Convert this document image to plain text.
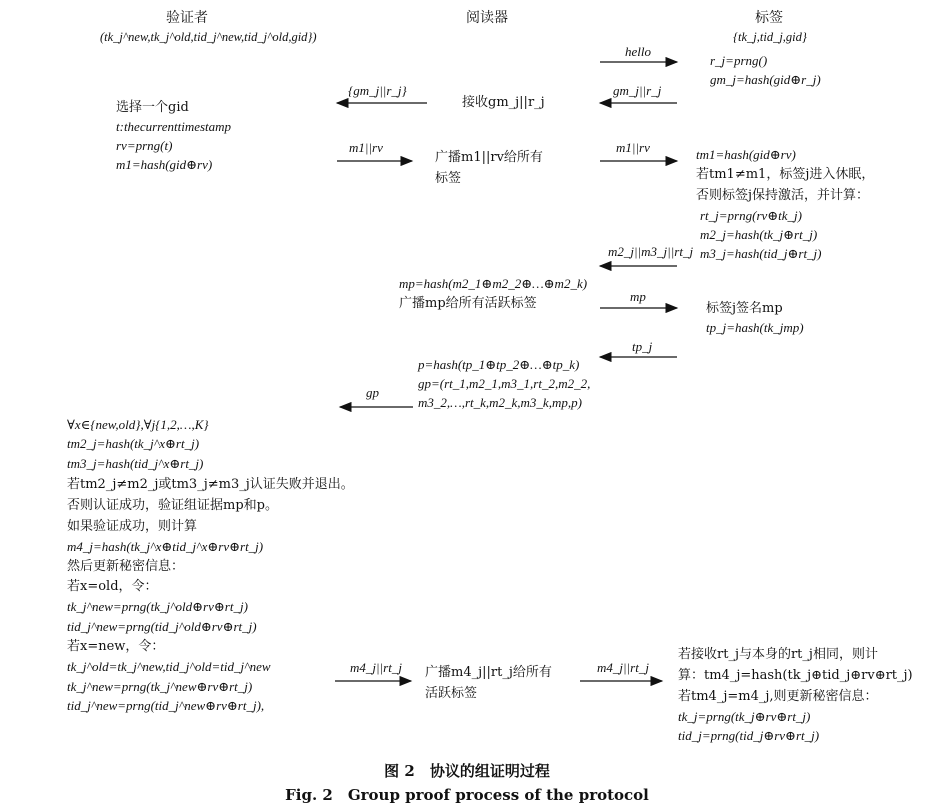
验证者
(tk_j^new,tk_j^old,tid_j^new,tid_j^old,gid})
阅读器	标签
{tk_j,tid_j,gid}
hello
gm_j||r_j
{gm_j||r_j}
m1||rv	m1||rv
m2_j||m3_j||rt_j
mp
tp_j
gp
m4_j||rt_j	m4_j||rt_j
r_j=prng()
gm_j=hash(gid⊕r_j)
tm1=hash(gid⊕rv)
若tm1≠m1，标签j进入休眠，
否则标签j保持激活，并计算：
rt_j=prng(rv⊕tk_j)
m2_j=hash(tk_j⊕rt_j)
m3_j=hash(tid_j⊕rt_j)
标签j签名mp
tp_j=hash(tk_jmp)
若接收rt_j与本身的rt_j相同，则计
算：tm4_j=hash(tk_j⊕tid_j⊕rv⊕rt_j)
若tm4_j=m4_j,则更新秘密信息：
tk_j=prng(tk_j⊕rv⊕rt_j)
tid_j=prng(tid_j⊕rv⊕rt_j)
接收gm_j||r_j
广播m1||rv给所有
标签
mp=hash(m2_1⊕m2_2⊕…⊕m2_k)
广播mp给所有活跃标签
p=hash(tp_1⊕tp_2⊕…⊕tp_k)
gp=(rt_1,m2_1,m3_1,rt_2,m2_2,
m3_2,…,rt_k,m2_k,m3_k,mp,p)
广播m4_j||rt_j给所有
活跃标签
选择一个gid
t:thecurrenttimestamp
rv=prng(t)
m1=hash(gid⊕rv)
∀x∈{new,old},∀j{1,2,…,K}
tm2_j=hash(tk_j^x⊕rt_j)
tm3_j=hash(tid_j^x⊕rt_j)
若tm2_j≠m2_j或tm3_j≠m3_j认证失败并退出。
否则认证成功，验证组证据mp和p。
如果验证成功，则计算
m4_j=hash(tk_j^x⊕tid_j^x⊕rv⊕rt_j)
然后更新秘密信息：
若x=old，令：
tk_j^new=prng(tk_j^old⊕rv⊕rt_j)
tid_j^new=prng(tid_j^old⊕rv⊕rt_j)
若x=new，令：
tk_j^old=tk_j^new,tid_j^old=tid_j^new
tk_j^new=prng(tk_j^new⊕rv⊕rt_j)
tid_j^new=prng(tid_j^new⊕rv⊕rt_j),
图 2　协议的组证明过程
Fig. 2　Group proof process of the protocol
